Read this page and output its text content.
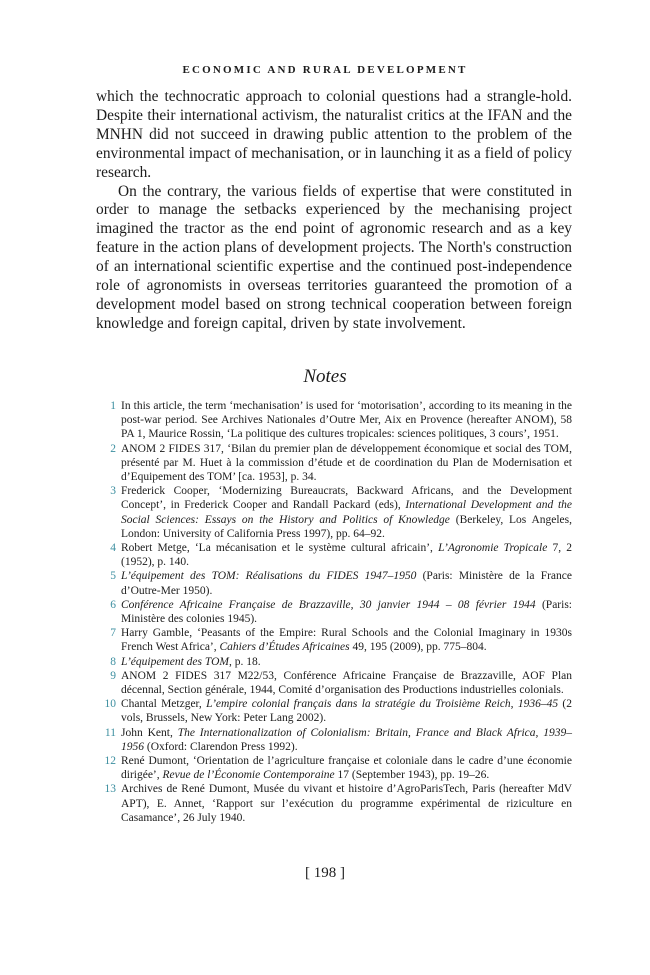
ECONOMIC AND RURAL DEVELOPMENT

which the technocratic approach to colonial questions had a strangle-hold. Despite their international activism, the naturalist critics at the IFAN and the MNHN did not succeed in drawing public attention to the problem of the environmental impact of mechanisation, or in launching it as a field of policy research.

On the contrary, the various fields of expertise that were constituted in order to manage the setbacks experienced by the mechanising project imagined the tractor as the end point of agronomic research and as a key feature in the action plans of development projects. The North's construction of an international scientific expertise and the continued post-independence role of agronomists in overseas territories guaranteed the promotion of a development model based on strong technical cooperation between foreign knowledge and foreign capital, driven by state involvement.

Notes
1 In this article, the term ‘mechanisation’ is used for ‘motorisation’, according to its meaning in the post-war period. See Archives Nationales d’Outre Mer, Aix en Provence (hereafter ANOM), 58 PA 1, Maurice Rossin, ‘La politique des cultures tropicales: sciences politiques, 3 cours’, 1951.
2 ANOM 2 FIDES 317, ‘Bilan du premier plan de développement économique et social des TOM, présenté par M. Huet à la commission d’étude et de coordination du Plan de Modernisation et d’Equipement des TOM’ [ca. 1953], p. 34.
3 Frederick Cooper, ‘Modernizing Bureaucrats, Backward Africans, and the Development Concept’, in Frederick Cooper and Randall Packard (eds), International Development and the Social Sciences: Essays on the History and Politics of Knowledge (Berkeley, Los Angeles, London: University of California Press 1997), pp. 64–92.
4 Robert Metge, ‘La mécanisation et le système cultural africain’, L’Agronomie Tropicale 7, 2 (1952), p. 140.
5 L’équipement des TOM: Réalisations du FIDES 1947–1950 (Paris: Ministère de la France d’Outre-Mer 1950).
6 Conférence Africaine Française de Brazzaville, 30 janvier 1944 – 08 février 1944 (Paris: Ministère des colonies 1945).
7 Harry Gamble, ‘Peasants of the Empire: Rural Schools and the Colonial Imaginary in 1930s French West Africa’, Cahiers d’Études Africaines 49, 195 (2009), pp. 775–804.
8 L’équipement des TOM, p. 18.
9 ANOM 2 FIDES 317 M22/53, Conférence Africaine Française de Brazzaville, AOF Plan décennal, Section générale, 1944, Comité d’organisation des Productions industrielles colonials.
10 Chantal Metzger, L’empire colonial français dans la stratégie du Troisième Reich, 1936–45 (2 vols, Brussels, New York: Peter Lang 2002).
11 John Kent, The Internationalization of Colonialism: Britain, France and Black Africa, 1939–1956 (Oxford: Clarendon Press 1992).
12 René Dumont, ‘Orientation de l’agriculture française et coloniale dans le cadre d’une économie dirigée’, Revue de l’Économie Contemporaine 17 (September 1943), pp. 19–26.
13 Archives de René Dumont, Musée du vivant et histoire d’AgroParisTech, Paris (hereafter MdV APT), E. Annet, ‘Rapport sur l’exécution du programme expérimental de riziculture en Casamance’, 26 July 1940.
[ 198 ]
